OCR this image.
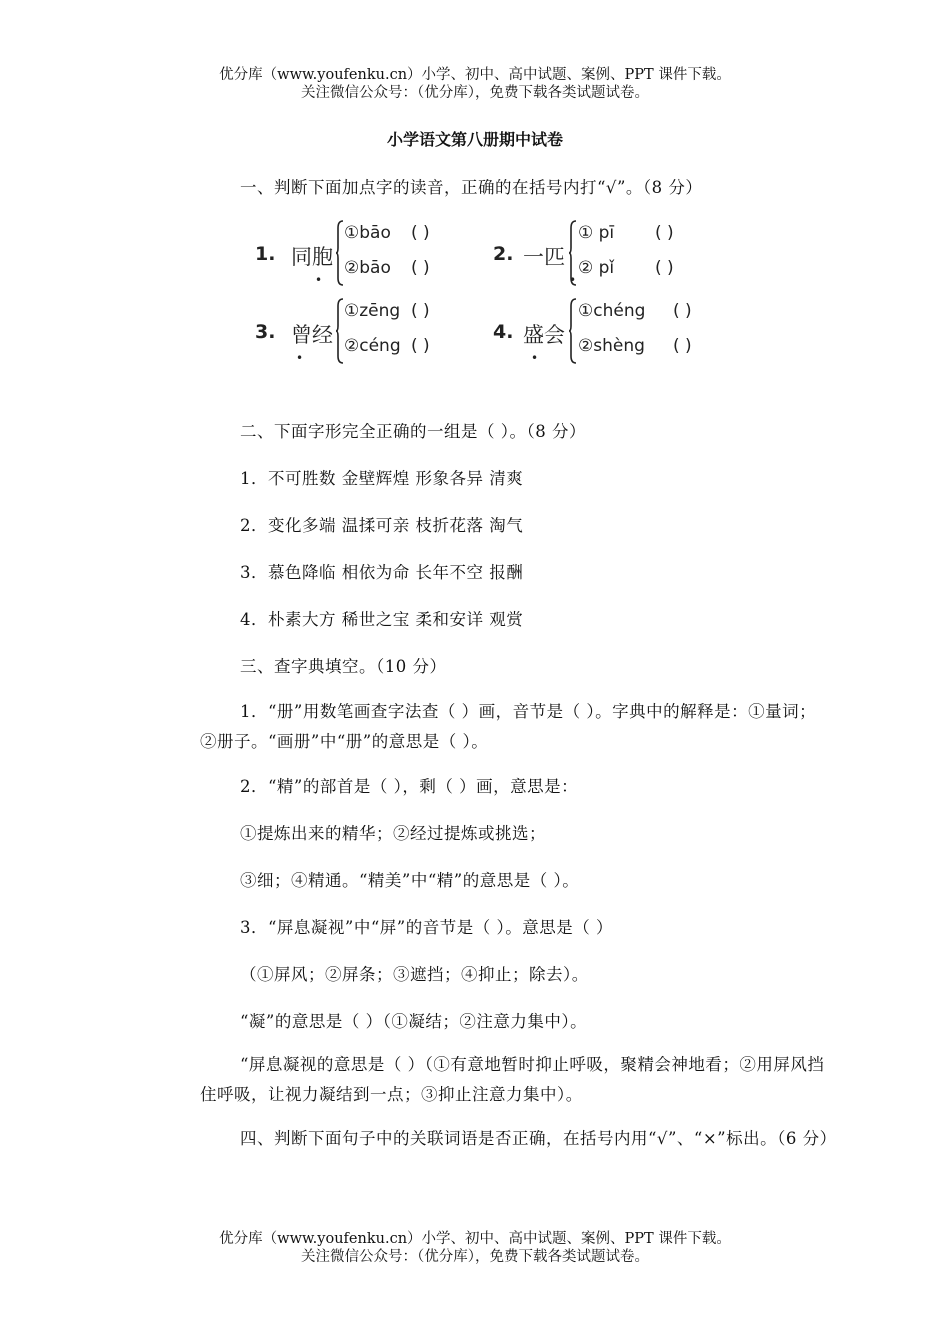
优分库（www.youfenku.cn）小学、初中、高中试题、案例、PPT 课件下载。
关注微信公众号：（优分库），免费下载各类试题试卷。
小学语文第八册期中试卷
一、判断下面加点字的读音，正确的在括号内打“√”。（8 分）
1. 同胞
•
①bāo
②bāo
( )
( )
2. 一匹
•
① pī
② pǐ
( )
( )
3. 曾经
•
①zēng
②céng
( )
( )
4. 盛会
•
①chéng
②shèng
( )
( )
二、下面字形完全正确的一组是（ ）。（8 分）
1．不可胜数 金壁辉煌 形象各异 清爽
2．变化多端 温揉可亲 枝折花落 淘气
3．慕色降临 相依为命 长年不空 报酬
4．朴素大方 稀世之宝 柔和安详 观赏
三、查字典填空。（10 分）
1．“册”用数笔画查字法查（ ）画，音节是（ ）。字典中的解释是：①量词；②册子。“画册”中“册”的意思是（ ）。
2．“精”的部首是（ ），剩（ ）画，意思是：
①提炼出来的精华；②经过提炼或挑选；
③细；④精通。“精美”中“精”的意思是（ ）。
3．“屏息凝视”中“屏”的音节是（ ）。意思是（ ）
（①屏风；②屏条；③遮挡；④抑止；除去）。
“凝”的意思是（ ）（①凝结；②注意力集中）。
“屏息凝视的意思是（ ）（①有意地暂时抑止呼吸，聚精会神地看；②用屏风挡住呼吸，让视力凝结到一点；③抑止注意力集中）。
四、判断下面句子中的关联词语是否正确，在括号内用“√”、“×”标出。（6 分）
优分库（www.youfenku.cn）小学、初中、高中试题、案例、PPT 课件下载。
关注微信公众号：（优分库），免费下载各类试题试卷。
